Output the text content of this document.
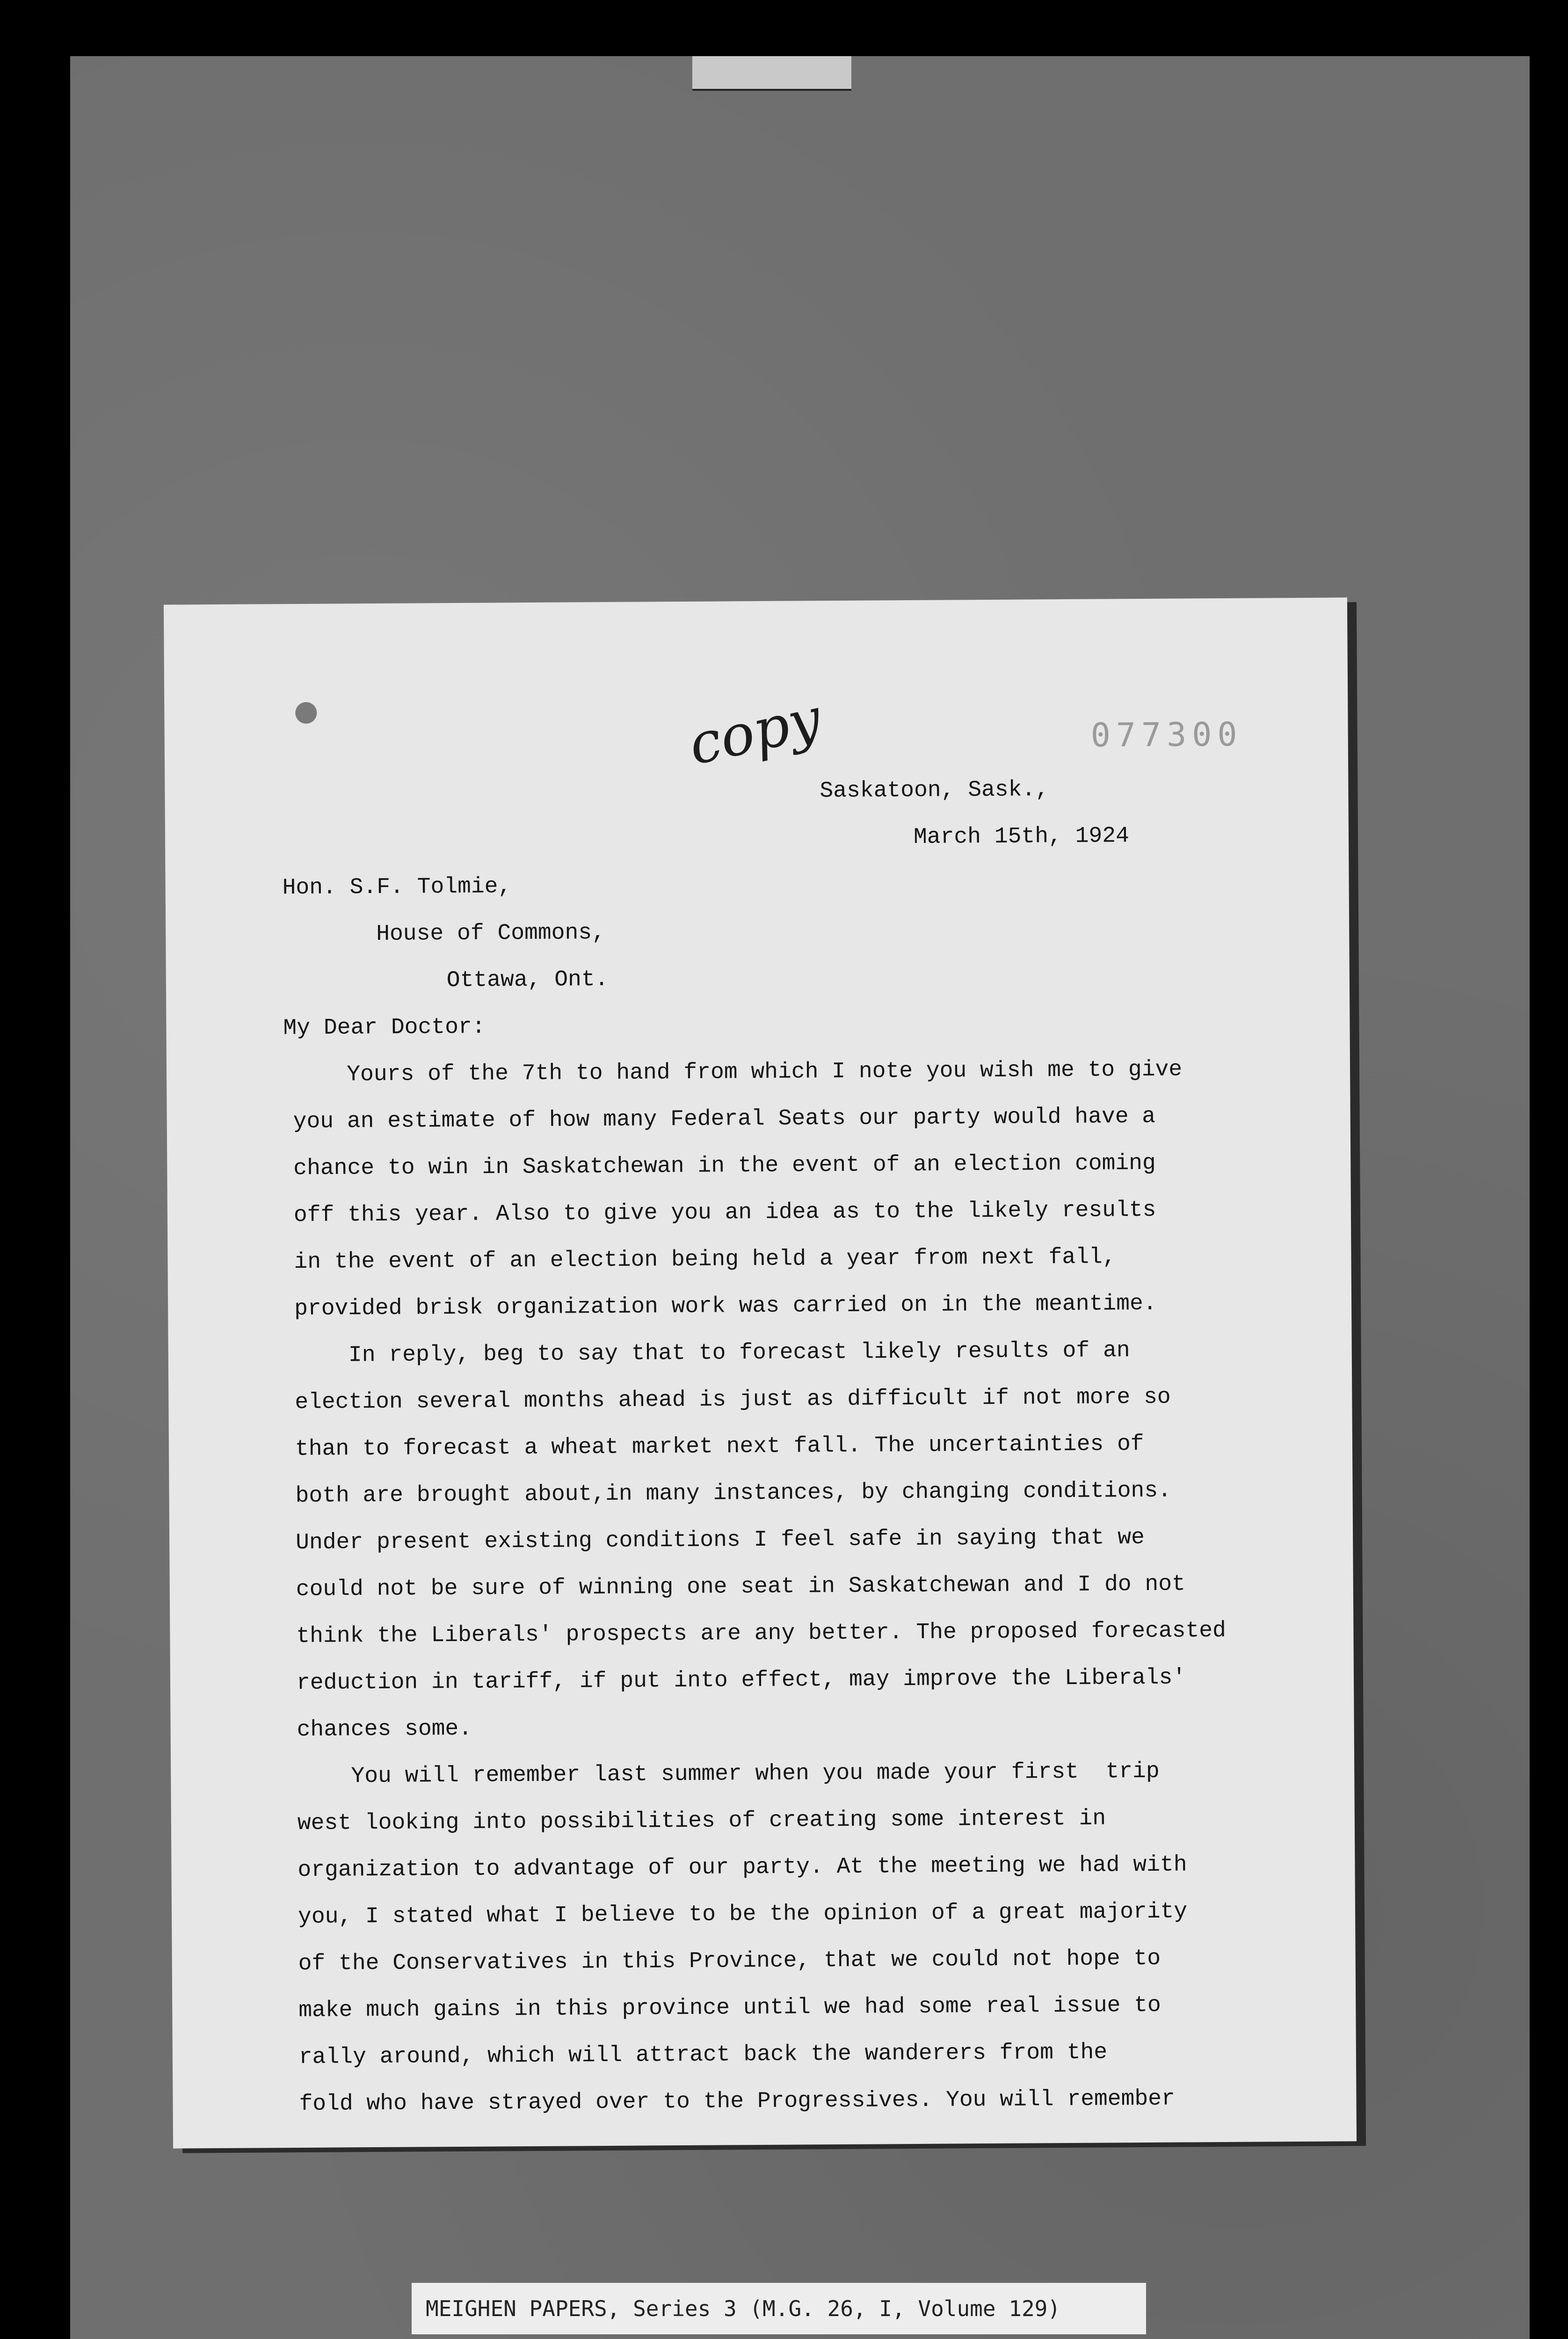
copy	077300
Saskatoon, Sask.,
March 15th, 1924
Hon. S.F. Tolmie,
House of Commons,
Ottawa, Ont.
My Dear Doctor:
Yours of the 7th to hand from which I note you wish me to give
you an estimate of how many Federal Seats our party would have a
chance to win in Saskatchewan in the event of an election coming
off this year. Also to give you an idea as to the likely results
in the event of an election being held a year from next fall,
provided brisk organization work was carried on in the meantime.
In reply, beg to say that to forecast likely results of an
election several months ahead is just as difficult if not more so
than to forecast a wheat market next fall. The uncertainties of
both are brought about,in many instances, by changing conditions.
Under present existing conditions I feel safe in saying that we
could not be sure of winning one seat in Saskatchewan and I do not
think the Liberals' prospects are any better. The proposed forecasted
reduction in tariff, if put into effect, may improve the Liberals'
chances some.
You will remember last summer when you made your first  trip
west looking into possibilities of creating some interest in
organization to advantage of our party. At the meeting we had with
you, I stated what I believe to be the opinion of a great majority
of the Conservatives in this Province, that we could not hope to
make much gains in this province until we had some real issue to
rally around, which will attract back the wanderers from the
fold who have strayed over to the Progressives. You will remember
MEIGHEN PAPERS, Series 3 (M.G. 26, I, Volume 129)
